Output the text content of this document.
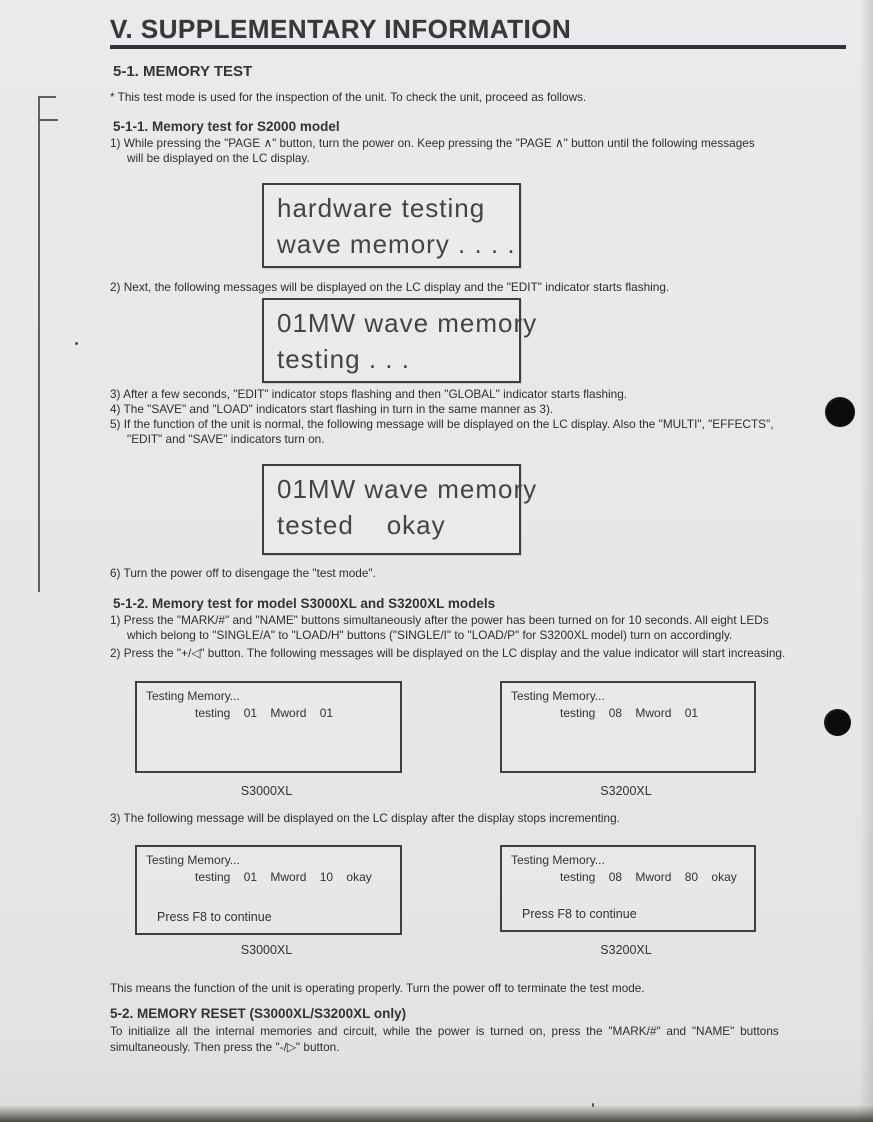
V. SUPPLEMENTARY INFORMATION
5-1. MEMORY TEST
* This test mode is used for the inspection of the unit. To check the unit, proceed as follows.
5-1-1. Memory test for S2000 model
1) While pressing the "PAGE ∧" button, turn the power on. Keep pressing the "PAGE ∧" button until the following messages
will be displayed on the LC display.
hardware testing
wave memory . . . .
2) Next, the following messages will be displayed on the LC display and the "EDIT" indicator starts flashing.
01MW wave memory
testing . . .
3) After a few seconds, "EDIT" indicator stops flashing and then "GLOBAL" indicator starts flashing.
4) The "SAVE" and "LOAD" indicators start flashing in turn in the same manner as 3).
5) If the function of the unit is normal, the following message will be displayed on the LC display. Also the "MULTI", "EFFECTS",
"EDIT" and "SAVE" indicators turn on.
01MW wave memory
tested    okay
6) Turn the power off to disengage the "test mode".
5-1-2. Memory test for model S3000XL and S3200XL models
1) Press the "MARK/#" and "NAME" buttons simultaneously after the power has been turned on for 10 seconds. All eight LEDs
which belong to "SINGLE/A" to "LOAD/H" buttons ("SINGLE/I" to "LOAD/P" for S3200XL model) turn on accordingly.
2) Press the "+/◁" button. The following messages will be displayed on the LC display and the value indicator will start increasing.
Testing Memory...
testing    01    Mword    01
Testing Memory...
testing    08    Mword    01
S3000XL	S3200XL
3) The following message will be displayed on the LC display after the display stops incrementing.
Testing Memory...
testing    01    Mword    10    okay
Press F8 to continue
Testing Memory...
testing    08    Mword    80    okay
Press F8 to continue
S3000XL	S3200XL
This means the function of the unit is operating properly. Turn the power off to terminate the test mode.
5-2. MEMORY RESET (S3000XL/S3200XL only)
To initialize all the internal memories and circuit, while the power is turned on, press the "MARK/#" and "NAME" buttons
simultaneously. Then press the "-/▷" button.
